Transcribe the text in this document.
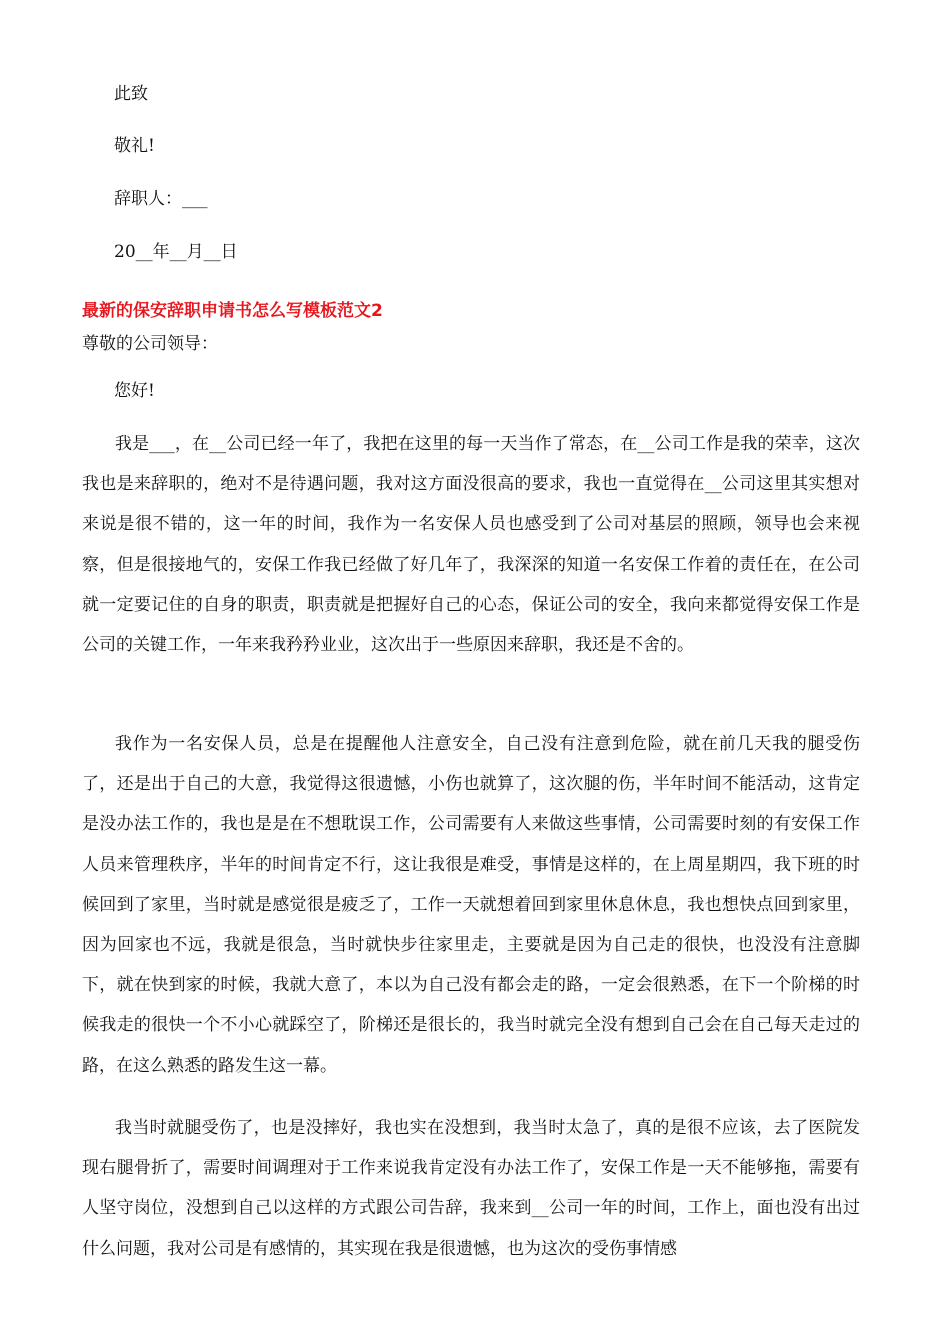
此致
敬礼!
辞职人：___
20__年__月__日
最新的保安辞职申请书怎么写模板范文2
尊敬的公司领导：
您好!
我是___，在__公司已经一年了，我把在这里的每一天当作了常态，在__公司工作是我的荣幸，这次我也是来辞职的，绝对不是待遇问题，我对这方面没很高的要求，我也一直觉得在__公司这里其实想对来说是很不错的，这一年的时间，我作为一名安保人员也感受到了公司对基层的照顾，领导也会来视察，但是很接地气的，安保工作我已经做了好几年了，我深深的知道一名安保工作着的责任在，在公司就一定要记住的自身的职责，职责就是把握好自己的心态，保证公司的安全，我向来都觉得安保工作是公司的关键工作，一年来我矜矜业业，这次出于一些原因来辞职，我还是不舍的。
我作为一名安保人员，总是在提醒他人注意安全，自己没有注意到危险，就在前几天我的腿受伤了，还是出于自己的大意，我觉得这很遗憾，小伤也就算了，这次腿的伤，半年时间不能活动，这肯定是没办法工作的，我也是是在不想耽误工作，公司需要有人来做这些事情，公司需要时刻的有安保工作人员来管理秩序，半年的时间肯定不行，这让我很是难受，事情是这样的，在上周星期四，我下班的时候回到了家里，当时就是感觉很是疲乏了，工作一天就想着回到家里休息休息，我也想快点回到家里，因为回家也不远，我就是很急，当时就快步往家里走，主要就是因为自己走的很快，也没没有注意脚下，就在快到家的时候，我就大意了，本以为自己没有都会走的路，一定会很熟悉，在下一个阶梯的时候我走的很快一个不小心就踩空了，阶梯还是很长的，我当时就完全没有想到自己会在自己每天走过的路，在这么熟悉的路发生这一幕。
我当时就腿受伤了，也是没摔好，我也实在没想到，我当时太急了，真的是很不应该，去了医院发现右腿骨折了，需要时间调理对于工作来说我肯定没有办法工作了，安保工作是一天不能够拖，需要有人坚守岗位，没想到自己以这样的方式跟公司告辞，我来到__公司一年的时间，工作上，面也没有出过什么问题，我对公司是有感情的，其实现在我是很遗憾，也为这次的受伤事情感
